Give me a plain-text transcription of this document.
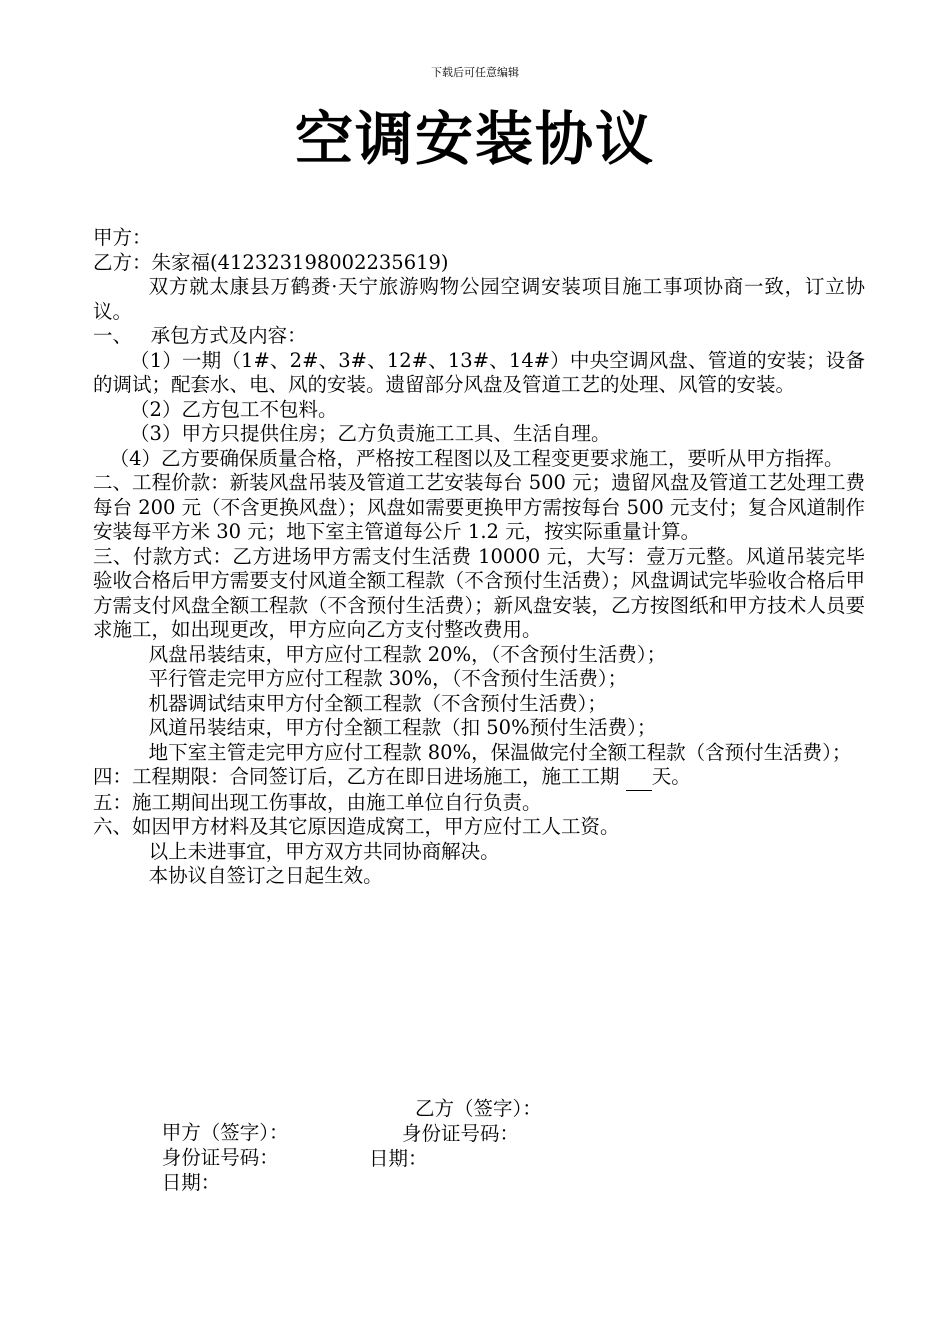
下载后可任意编辑
空调安装协议

甲方：

乙方：朱家福(412323198002235619)

双方就太康县万鹤赉·天宁旅游购物公园空调安装项目施工事项协商一致，订立协议。

一、   承包方式及内容：

（1）一期（1#、2#、3#、12#、13#、14#）中央空调风盘、管道的安装；设备的调试；配套水、电、风的安装。遗留部分风盘及管道工艺的处理、风管的安装。

（2）乙方包工不包料。

（3）甲方只提供住房；乙方负责施工工具、生活自理。

（4）乙方要确保质量合格，严格按工程图以及工程变更要求施工，要听从甲方指挥。

二、工程价款：新装风盘吊装及管道工艺安装每台 500 元；遗留风盘及管道工艺处理工费每台 200 元（不含更换风盘）；风盘如需要更换甲方需按每台 500 元支付；复合风道制作安装每平方米 30 元；地下室主管道每公斤 1.2 元，按实际重量计算。

三、付款方式：乙方进场甲方需支付生活费 10000 元，大写：壹万元整。风道吊装完毕验收合格后甲方需要支付风道全额工程款（不含预付生活费）；风盘调试完毕验收合格后甲方需支付风盘全额工程款（不含预付生活费）；新风盘安装，乙方按图纸和甲方技术人员要求施工，如出现更改，甲方应向乙方支付整改费用。

风盘吊装结束，甲方应付工程款 20%，（不含预付生活费）；

平行管走完甲方应付工程款 30%，（不含预付生活费）；

机器调试结束甲方付全额工程款（不含预付生活费）；

风道吊装结束，甲方付全额工程款（扣 50%预付生活费）；

地下室主管走完甲方应付工程款 80%，保温做完付全额工程款（含预付生活费）；

四：工程期限：合同签订后，乙方在即日进场施工，施工工期   天。

五：施工期间出现工伤事故，由施工单位自行负责。

六、如因甲方材料及其它原因造成窝工，甲方应付工人工资。

以上未进事宜，甲方双方共同协商解决。

本协议自签订之日起生效。

甲方（签字）：

乙方（签字）：

身份证号码：

身份证号码：

日期：

日期：
